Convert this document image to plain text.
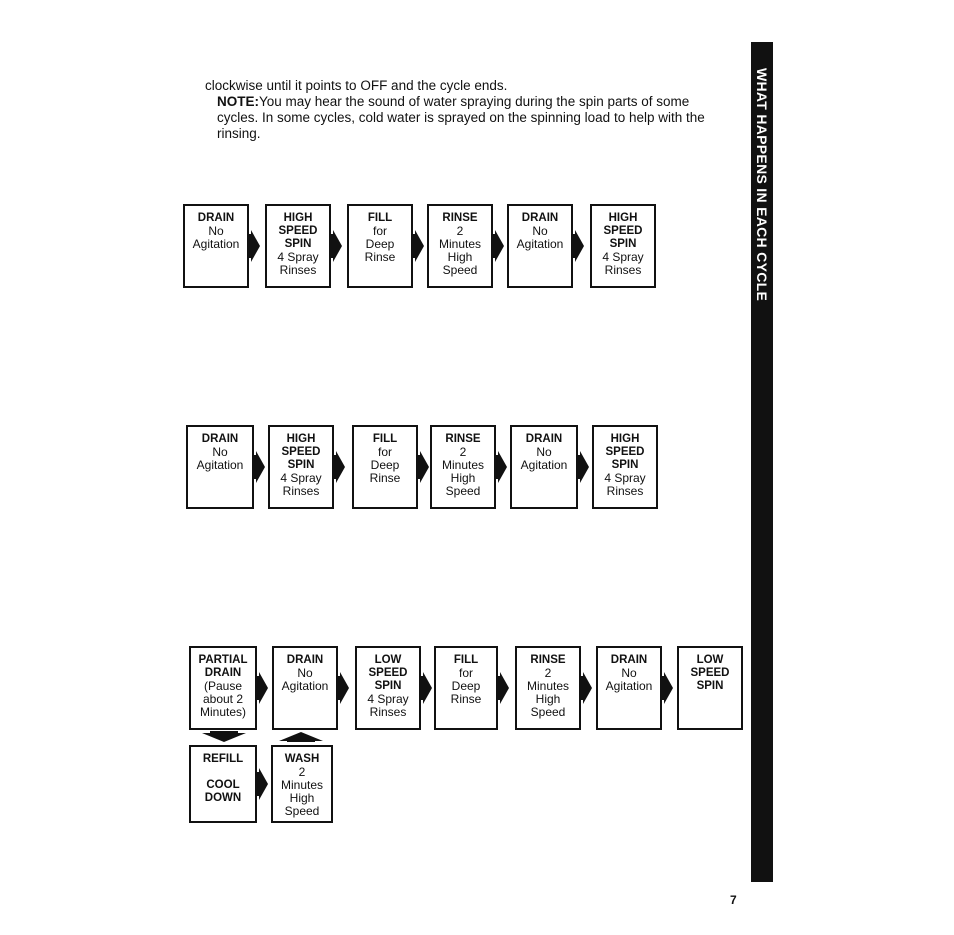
clockwise until it points to OFF and the cycle ends.

NOTE:You may hear the sound of water spraying during the spin parts of some cycles. In some cycles, cold water is sprayed on the spinning load to help with the rinsing.	WHAT HAPPENS IN EACH CYCLE
DRAIN
No
Agitation
HIGH
SPEED
SPIN
4 Spray
Rinses
FILL
for
Deep
Rinse
RINSE
2
Minutes
High
Speed
DRAIN
No
Agitation
HIGH
SPEED
SPIN
4 Spray
Rinses
DRAIN
No
Agitation
HIGH
SPEED
SPIN
4 Spray
Rinses
FILL
for
Deep
Rinse
RINSE
2
Minutes
High
Speed
DRAIN
No
Agitation
HIGH
SPEED
SPIN
4 Spray
Rinses
PARTIAL
DRAIN
(Pause
about 2
Minutes)
DRAIN
No
Agitation
LOW
SPEED
SPIN
4 Spray
Rinses
FILL
for
Deep
Rinse
RINSE
2
Minutes
High
Speed
DRAIN
No
Agitation
LOW
SPEED
SPIN
REFILL

COOL
DOWN
WASH
2
Minutes
High
Speed
7
